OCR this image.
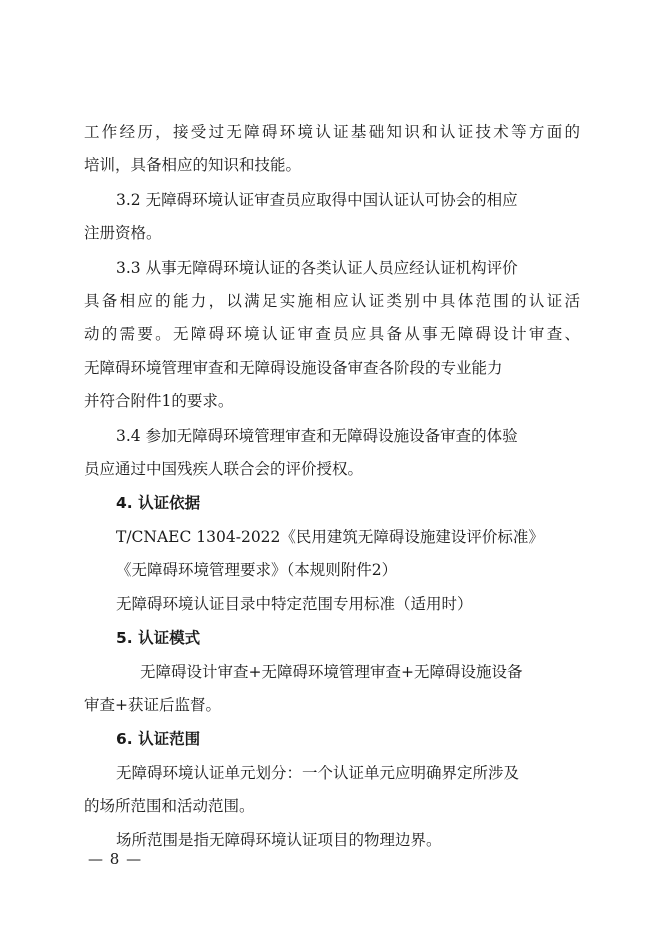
工作经历，接受过无障碍环境认证基础知识和认证技术等方面的
培训，具备相应的知识和技能。
3.2 无障碍环境认证审查员应取得中国认证认可协会的相应
注册资格。
3.3 从事无障碍环境认证的各类认证人员应经认证机构评价
具备相应的能力，以满足实施相应认证类别中具体范围的认证活
动的需要。无障碍环境认证审查员应具备从事无障碍设计审查、
无障碍环境管理审查和无障碍设施设备审查各阶段的专业能力
并符合附件1的要求。
3.4 参加无障碍环境管理审查和无障碍设施设备审查的体验
员应通过中国残疾人联合会的评价授权。
4. 认证依据
T/CNAEC 1304-2022《民用建筑无障碍设施建设评价标准》
《无障碍环境管理要求》（本规则附件2）
无障碍环境认证目录中特定范围专用标准（适用时）
5. 认证模式
无障碍设计审查+无障碍环境管理审查+无障碍设施设备
审查+获证后监督。
6. 认证范围
无障碍环境认证单元划分：一个认证单元应明确界定所涉及
的场所范围和活动范围。
场所范围是指无障碍环境认证项目的物理边界。
— 8 —
